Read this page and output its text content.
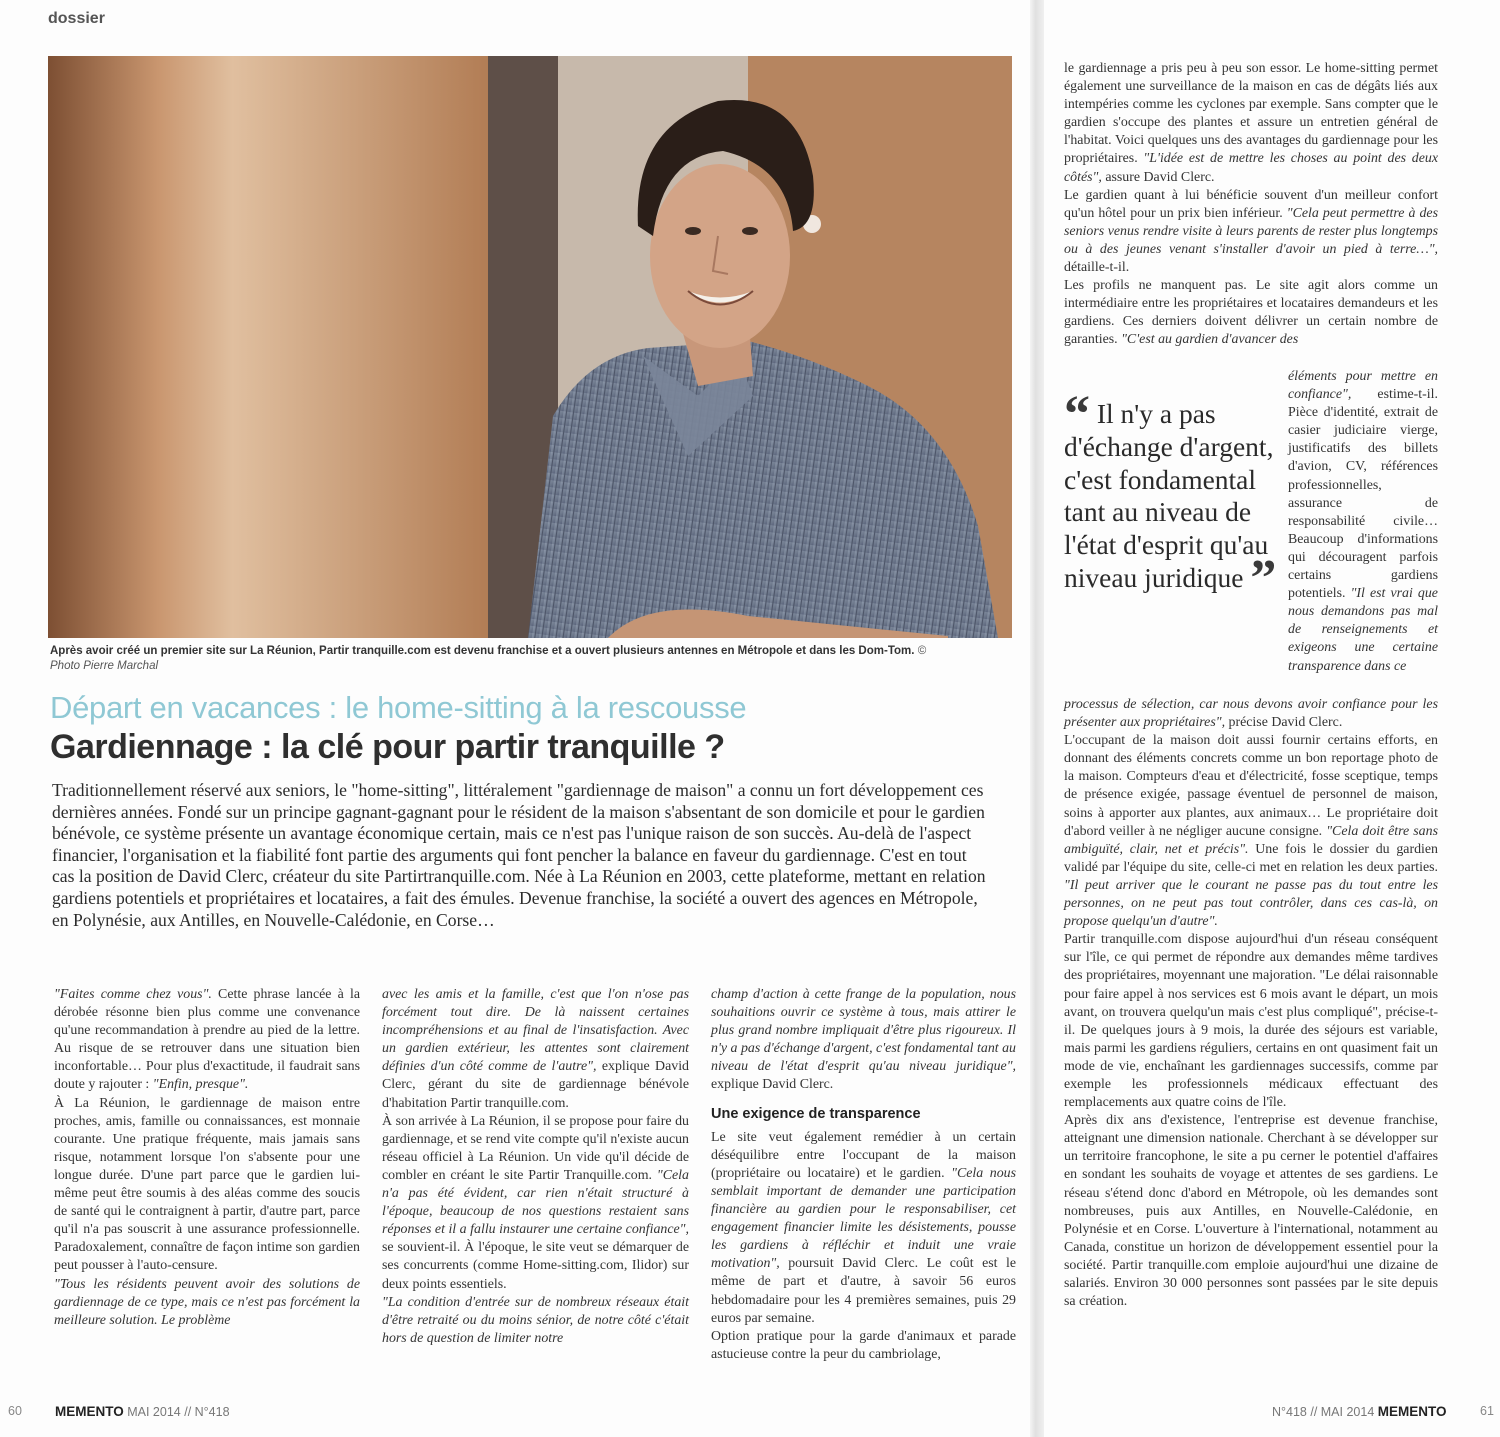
dossier
Après avoir créé un premier site sur La Réunion, Partir tranquille.com est devenu franchise et a ouvert plusieurs antennes en Métropole et dans les Dom-Tom. © Photo Pierre Marchal
Départ en vacances : le home-sitting à la rescousse
Gardiennage : la clé pour partir tranquille ?

Traditionnellement réservé aux seniors, le "home-sitting", littéralement "gardiennage de maison" a connu un fort développement ces dernières années. Fondé sur un principe gagnant-gagnant pour le résident de la maison s'absentant de son domicile et pour le gardien bénévole, ce système présente un avantage économique certain, mais ce n'est pas l'unique raison de son succès. Au-delà de l'aspect financier, l'organisation et la fiabilité font partie des arguments qui font pencher la balance en faveur du gardiennage. C'est en tout cas la position de David Clerc, créateur du site Partirtranquille.com. Née à La Réunion en 2003, cette plateforme, mettant en relation gardiens potentiels et propriétaires et locataires, a fait des émules. Devenue franchise, la société a ouvert des agences en Métropole, en Polynésie, aux Antilles, en Nouvelle-Calédonie, en Corse…

"Faites comme chez vous". Cette phrase lancée à la dérobée résonne bien plus comme une convenance qu'une recommandation à prendre au pied de la lettre. Au risque de se retrouver dans une situation bien inconfortable… Pour plus d'exactitude, il faudrait sans doute y rajouter : "Enfin, presque".

À La Réunion, le gardiennage de maison entre proches, amis, famille ou connaissances, est monnaie courante. Une pratique fréquente, mais jamais sans risque, notamment lorsque l'on s'absente pour une longue durée. D'une part parce que le gardien lui-même peut être soumis à des aléas comme des soucis de santé qui le contraignent à partir, d'autre part, parce qu'il n'a pas souscrit à une assurance professionnelle. Paradoxalement, connaître de façon intime son gardien peut pousser à l'auto-censure.

"Tous les résidents peuvent avoir des solutions de gardiennage de ce type, mais ce n'est pas forcément la meilleure solution. Le problème

avec les amis et la famille, c'est que l'on n'ose pas forcément tout dire. De là naissent certaines incompréhensions et au final de l'insatisfaction. Avec un gardien extérieur, les attentes sont clairement définies d'un côté comme de l'autre", explique David Clerc, gérant du site de gardiennage bénévole d'habitation Partir tranquille.com.

À son arrivée à La Réunion, il se propose pour faire du gardiennage, et se rend vite compte qu'il n'existe aucun réseau officiel à La Réunion. Un vide qu'il décide de combler en créant le site Partir Tranquille.com. "Cela n'a pas été évident, car rien n'était structuré à l'époque, beaucoup de nos questions restaient sans réponses et il a fallu instaurer une certaine confiance", se souvient-il. À l'époque, le site veut se démarquer de ses concurrents (comme Home-sitting.com, Ilidor) sur deux points essentiels.

"La condition d'entrée sur de nombreux réseaux était d'être retraité ou du moins sénior, de notre côté c'était hors de question de limiter notre

champ d'action à cette frange de la population, nous souhaitions ouvrir ce système à tous, mais attirer le plus grand nombre impliquait d'être plus rigoureux. Il n'y a pas d'échange d'argent, c'est fondamental tant au niveau de l'état d'esprit qu'au niveau juridique", explique David Clerc.

Une exigence de transparence

Le site veut également remédier à un certain déséquilibre entre l'occupant de la maison (propriétaire ou locataire) et le gardien. "Cela nous semblait important de demander une participation financière au gardien pour le responsabiliser, cet engagement financier limite les désistements, pousse les gardiens à réfléchir et induit une vraie motivation", poursuit David Clerc. Le coût est le même de part et d'autre, à savoir 56 euros hebdomadaire pour les 4 premières semaines, puis 29 euros par semaine.

Option pratique pour la garde d'animaux et parade astucieuse contre la peur du cambriolage,

60 MEMENTO MAI 2014 // N°418

le gardiennage a pris peu à peu son essor. Le home-sitting permet également une surveillance de la maison en cas de dégâts liés aux intempéries comme les cyclones par exemple. Sans compter que le gardien s'occupe des plantes et assure un entretien général de l'habitat. Voici quelques uns des avantages du gardiennage pour les propriétaires. "L'idée est de mettre les choses au point des deux côtés", assure David Clerc.

Le gardien quant à lui bénéficie souvent d'un meilleur confort qu'un hôtel pour un prix bien inférieur. "Cela peut permettre à des seniors venus rendre visite à leurs parents de rester plus longtemps ou à des jeunes venant s'installer d'avoir un pied à terre…", détaille-t-il.

Les profils ne manquent pas. Le site agit alors comme un intermédiaire entre les propriétaires et locataires demandeurs et les gardiens. Ces derniers doivent délivrer un certain nombre de garanties. "C'est au gardien d'avancer des

“ Il n'y a pas d'échange d'argent, c'est fondamental tant au niveau de l'état d'esprit qu'au niveau juridique ”

éléments pour mettre en confiance", estime-t-il. Pièce d'identité, extrait de casier judiciaire vierge, justificatifs des billets d'avion, CV, références professionnelles, assurance de responsabilité civile… Beaucoup d'informations qui découragent parfois certains gardiens potentiels. "Il est vrai que nous demandons pas mal de renseignements et exigeons une certaine transparence dans ce

processus de sélection, car nous devons avoir confiance pour les présenter aux propriétaires", précise David Clerc.

L'occupant de la maison doit aussi fournir certains efforts, en donnant des éléments concrets comme un bon reportage photo de la maison. Compteurs d'eau et d'électricité, fosse sceptique, temps de présence exigée, passage éventuel de personnel de maison, soins à apporter aux plantes, aux animaux… Le propriétaire doit d'abord veiller à ne négliger aucune consigne. "Cela doit être sans ambiguïté, clair, net et précis". Une fois le dossier du gardien validé par l'équipe du site, celle-ci met en relation les deux parties. "Il peut arriver que le courant ne passe pas du tout entre les personnes, on ne peut pas tout contrôler, dans ces cas-là, on propose quelqu'un d'autre".

Partir tranquille.com dispose aujourd'hui d'un réseau conséquent sur l'île, ce qui permet de répondre aux demandes même tardives des propriétaires, moyennant une majoration. "Le délai raisonnable pour faire appel à nos services est 6 mois avant le départ, un mois avant, on trouvera quelqu'un mais c'est plus compliqué", précise-t-il. De quelques jours à 9 mois, la durée des séjours est variable, mais parmi les gardiens réguliers, certains en ont quasiment fait un mode de vie, enchaînant les gardiennages successifs, comme par exemple les professionnels médicaux effectuant des remplacements aux quatre coins de l'île.

Après dix ans d'existence, l'entreprise est devenue franchise, atteignant une dimension nationale. Cherchant à se développer sur un territoire francophone, le site a pu cerner le potentiel d'affaires en sondant les souhaits de voyage et attentes de ses gardiens. Le réseau s'étend donc d'abord en Métropole, où les demandes sont nombreuses, puis aux Antilles, en Nouvelle-Calédonie, en Polynésie et en Corse. L'ouverture à l'international, notamment au Canada, constitue un horizon de développement essentiel pour la société. Partir tranquille.com emploie aujourd'hui une dizaine de salariés. Environ 30 000 personnes sont passées par le site depuis sa création.

N°418 // MAI 2014 MEMENTO	61
